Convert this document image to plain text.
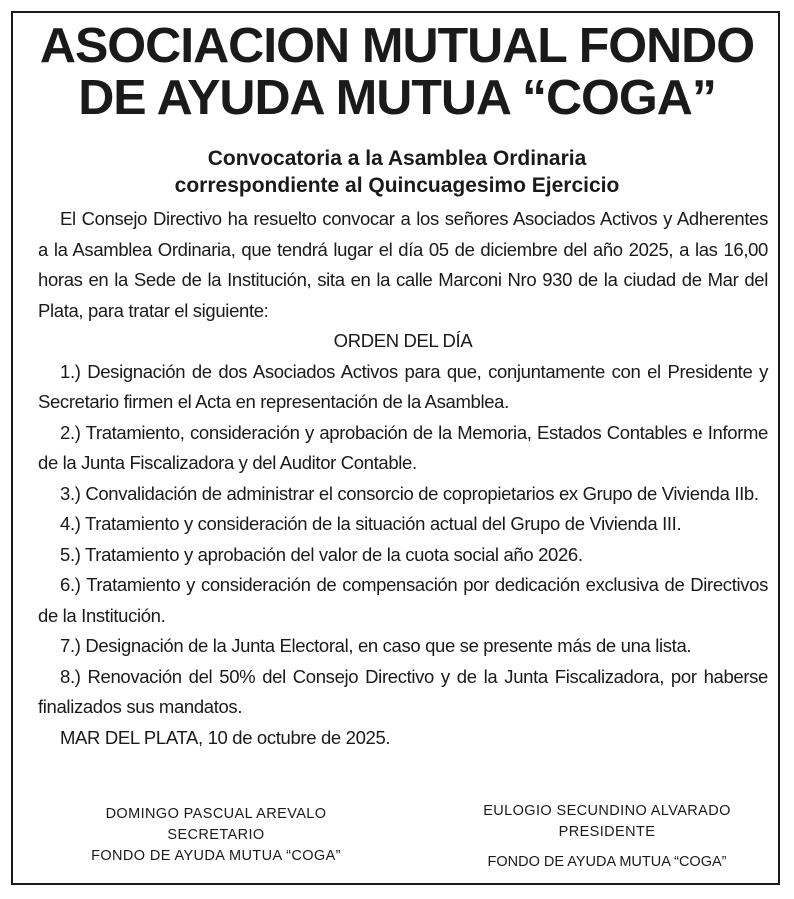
ASOCIACION MUTUAL FONDO
DE AYUDA MUTUA “COGA”
Convocatoria a la Asamblea Ordinaria
correspondiente al Quincuagesimo Ejercicio

El Consejo Directivo ha resuelto convocar a los señores Asociados Activos y Adherentes a la Asamblea Ordinaria, que tendrá lugar el día 05 de diciembre del año 2025, a las 16,00 horas en la Sede de la Institución, sita en la calle Marconi Nro 930 de la ciudad de Mar del Plata, para tratar el siguiente:

ORDEN DEL DÍA

1.) Designación de dos Asociados Activos para que, conjuntamente con el Presidente y Secretario firmen el Acta en representación de la Asamblea.

2.) Tratamiento, consideración y aprobación de la Memoria, Estados Contables e Informe de la Junta Fiscalizadora y del Auditor Contable.

3.) Convalidación de administrar el consorcio de copropietarios ex Grupo de Vivienda IIb.

4.) Tratamiento y consideración de la situación actual del Grupo de Vivienda III.

5.) Tratamiento y aprobación del valor de la cuota social año 2026.

6.) Tratamiento y consideración de compensación por dedicación exclusiva de Directivos de la Institución.

7.) Designación de la Junta Electoral, en caso que se presente más de una lista.

8.) Renovación del 50% del Consejo Directivo y de la Junta Fiscalizadora, por haberse finalizados sus mandatos.

MAR DEL PLATA, 10 de octubre de 2025.

DOMINGO PASCUAL AREVALO
SECRETARIO
FONDO DE AYUDA MUTUA “COGA”
EULOGIO SECUNDINO ALVARADO
PRESIDENTE
FONDO DE AYUDA MUTUA “COGA”
